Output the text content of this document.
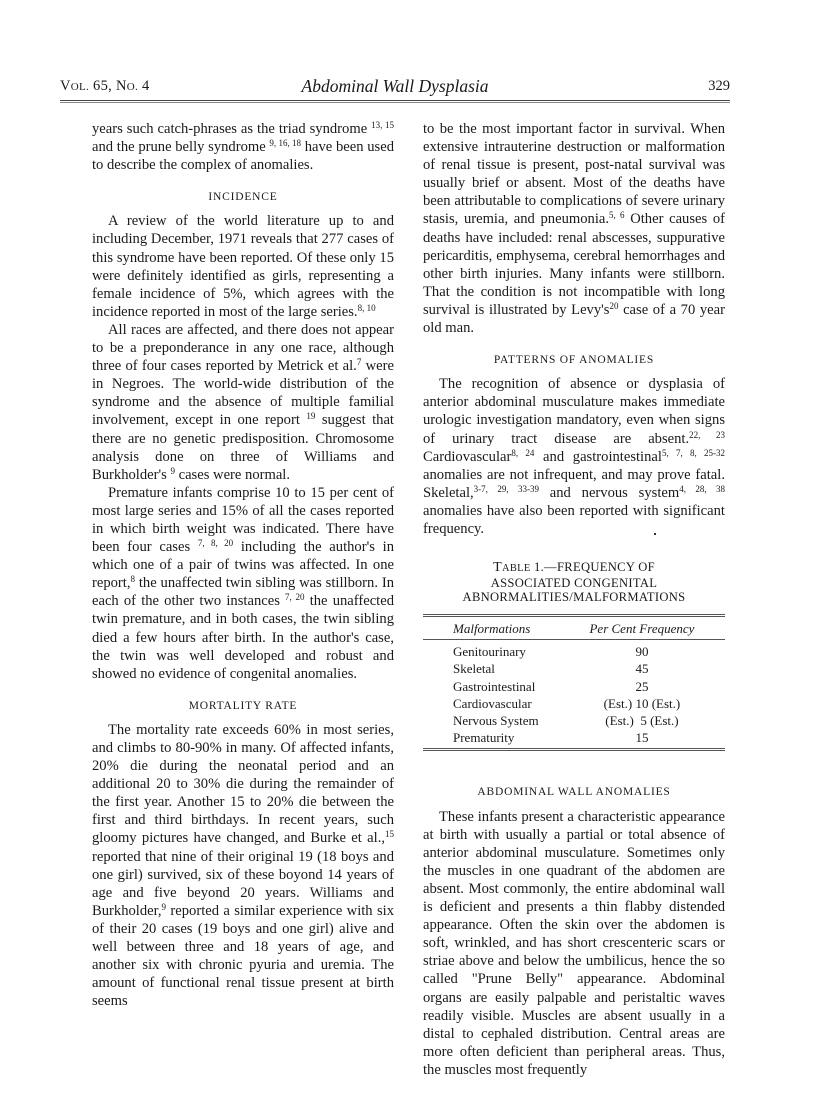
VOL. 65, NO. 4	Abdominal Wall Dysplasia	329

years such catch-phrases as the triad syndrome $^{13, 15}$ and the prune belly syndrome $^{9, 16, 18}$ have been used to describe the complex of anomalies.

INCIDENCE

A review of the world literature up to and including December, 1971 reveals that 277 cases of this syndrome have been reported. Of these only 15 were definitely identified as girls, representing a female incidence of 5%, which agrees with the incidence reported in most of the large series.$^{8, 10}$

All races are affected, and there does not appear to be a preponderance in any one race, although three of four cases reported by Metrick et al.$^7$ were in Negroes. The world-wide distribution of the syndrome and the absence of multiple familial involvement, except in one report $^{19}$ suggest that there are no genetic predisposition. Chromosome analysis done on three of Williams and Burkholder's $^9$ cases were normal.

Premature infants comprise 10 to 15 per cent of most large series and 15% of all the cases reported in which birth weight was indicated. There have been four cases $^{7, 8, 20}$ including the author's in which one of a pair of twins was affected. In one report,$^8$ the unaffected twin sibling was stillborn. In each of the other two instances $^{7, 20}$ the unaffected twin premature, and in both cases, the twin sibling died a few hours after birth. In the author's case, the twin was well developed and robust and showed no evidence of congenital anomalies.

MORTALITY RATE

The mortality rate exceeds 60% in most series, and climbs to 80-90% in many. Of affected infants, 20% die during the neonatal period and an additional 20 to 30% die during the remainder of the first year. Another 15 to 20% die between the first and third birthdays. In recent years, such gloomy pictures have changed, and Burke et al.,$^{15}$ reported that nine of their original 19 (18 boys and one girl) survived, six of these boyond 14 years of age and five beyond 20 years. Williams and Burkholder,$^9$ reported a similar experience with six of their 20 cases (19 boys and one girl) alive and well between three and 18 years of age, and another six with chronic pyuria and uremia. The amount of functional renal tissue present at birth seems

to be the most important factor in survival. When extensive intrauterine destruction or malformation of renal tissue is present, post-natal survival was usually brief or absent. Most of the deaths have been attributable to complications of severe urinary stasis, uremia, and pneumonia.$^{5, 6}$ Other causes of deaths have included: renal abscesses, suppurative pericarditis, emphysema, cerebral hemorrhages and other birth injuries. Many infants were stillborn. That the condition is not incompatible with long survival is illustrated by $Levy's^{20}$ case of a 70 year old man.

PATTERNS OF ANOMALIES

The recognition of absence or dysplasia of anterior abdominal musculature makes immediate urologic investigation mandatory, even when signs of urinary tract disease are absent.$^{22, 23}$ Cardiovascular$^{8, 24}$ and gastrointestinal$^{5, 7, 8, 25-32}$ anomalies are not infrequent, and may prove fatal. Skeletal,$^{3-7, 29, 33-39}$ and nervous system$^{4, 28, 38}$ anomalies have also been reported with significant frequency.

TABLE 1.—FREQUENCY OF
ASSOCIATED CONGENITAL
ABNORMALITIES/MALFORMATIONS
Malformations	Per Cent Frequency
Genitourinary	90
Skeletal	45
Gastrointestinal	25
Cardiovascular	(Est.) 10 (Est.)
Nervous System	(Est.)  5 (Est.)
Prematurity	15
ABDOMINAL WALL ANOMALIES

These infants present a characteristic appearance at birth with usually a partial or total absence of anterior abdominal musculature. Sometimes only the muscles in one quadrant of the abdomen are absent. Most commonly, the entire abdominal wall is deficient and presents a thin flabby distended appearance. Often the skin over the abdomen is soft, wrinkled, and has short crescenteric scars or striae above and below the umbilicus, hence the so called "Prune Belly" appearance. Abdominal organs are easily palpable and peristaltic waves readily visible. Muscles are absent usually in a distal to cephaled distribution. Central areas are more often deficient than peripheral areas. Thus, the muscles most frequently
